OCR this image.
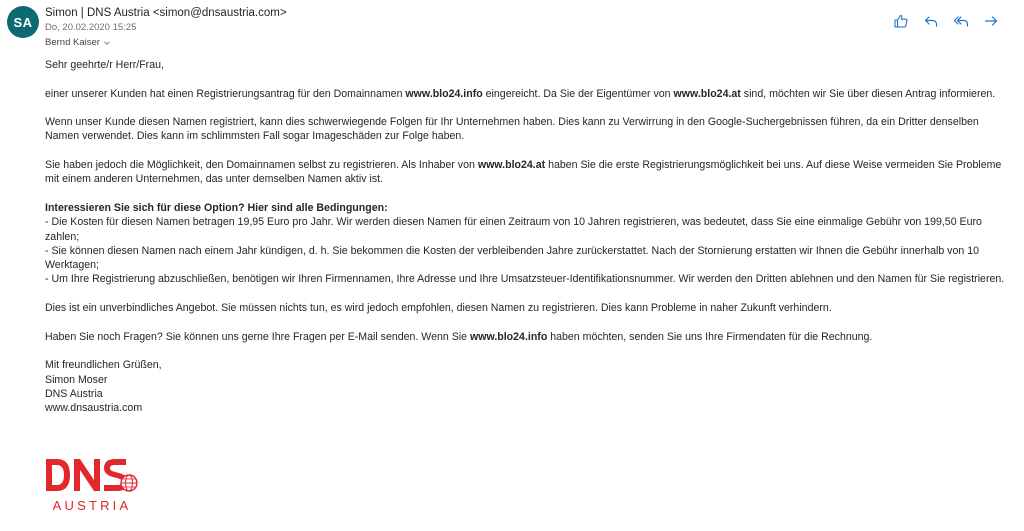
SA
Simon | DNS Austria <simon@dnsaustria.com>
Do, 20.02.2020 15:25
Bernd Kaiser

Sehr geehrte/r Herr/Frau,

einer unserer Kunden hat einen Registrierungsantrag für den Domainnamen www.blo24.info eingereicht. Da Sie der Eigentümer von www.blo24.at sind, möchten wir Sie über diesen Antrag informieren.

Wenn unser Kunde diesen Namen registriert, kann dies schwerwiegende Folgen für Ihr Unternehmen haben. Dies kann zu Verwirrung in den Google-Suchergebnissen führen, da ein Dritter denselben Namen verwendet. Dies kann im schlimmsten Fall sogar Imageschäden zur Folge haben.

Sie haben jedoch die Möglichkeit, den Domainnamen selbst zu registrieren. Als Inhaber von www.blo24.at haben Sie die erste Registrierungsmöglichkeit bei uns. Auf diese Weise vermeiden Sie Probleme mit einem anderen Unternehmen, das unter demselben Namen aktiv ist.

Interessieren Sie sich für diese Option? Hier sind alle Bedingungen:
- Die Kosten für diesen Namen betragen 19,95 Euro pro Jahr. Wir werden diesen Namen für einen Zeitraum von 10 Jahren registrieren, was bedeutet, dass Sie eine einmalige Gebühr von 199,50 Euro zahlen;
- Sie können diesen Namen nach einem Jahr kündigen, d. h. Sie bekommen die Kosten der verbleibenden Jahre zurückerstattet. Nach der Stornierung erstatten wir Ihnen die Gebühr innerhalb von 10 Werktagen;
- Um Ihre Registrierung abzuschließen, benötigen wir Ihren Firmennamen, Ihre Adresse und Ihre Umsatzsteuer-Identifikationsnummer. Wir werden den Dritten ablehnen und den Namen für Sie registrieren.

Dies ist ein unverbindliches Angebot. Sie müssen nichts tun, es wird jedoch empfohlen, diesen Namen zu registrieren. Dies kann Probleme in naher Zukunft verhindern.

Haben Sie noch Fragen? Sie können uns gerne Ihre Fragen per E-Mail senden. Wenn Sie www.blo24.info haben möchten, senden Sie uns Ihre Firmendaten für die Rechnung.

Mit freundlichen Grüßen,
Simon Moser
DNS Austria
www.dnsaustria.com

AUSTRIA
